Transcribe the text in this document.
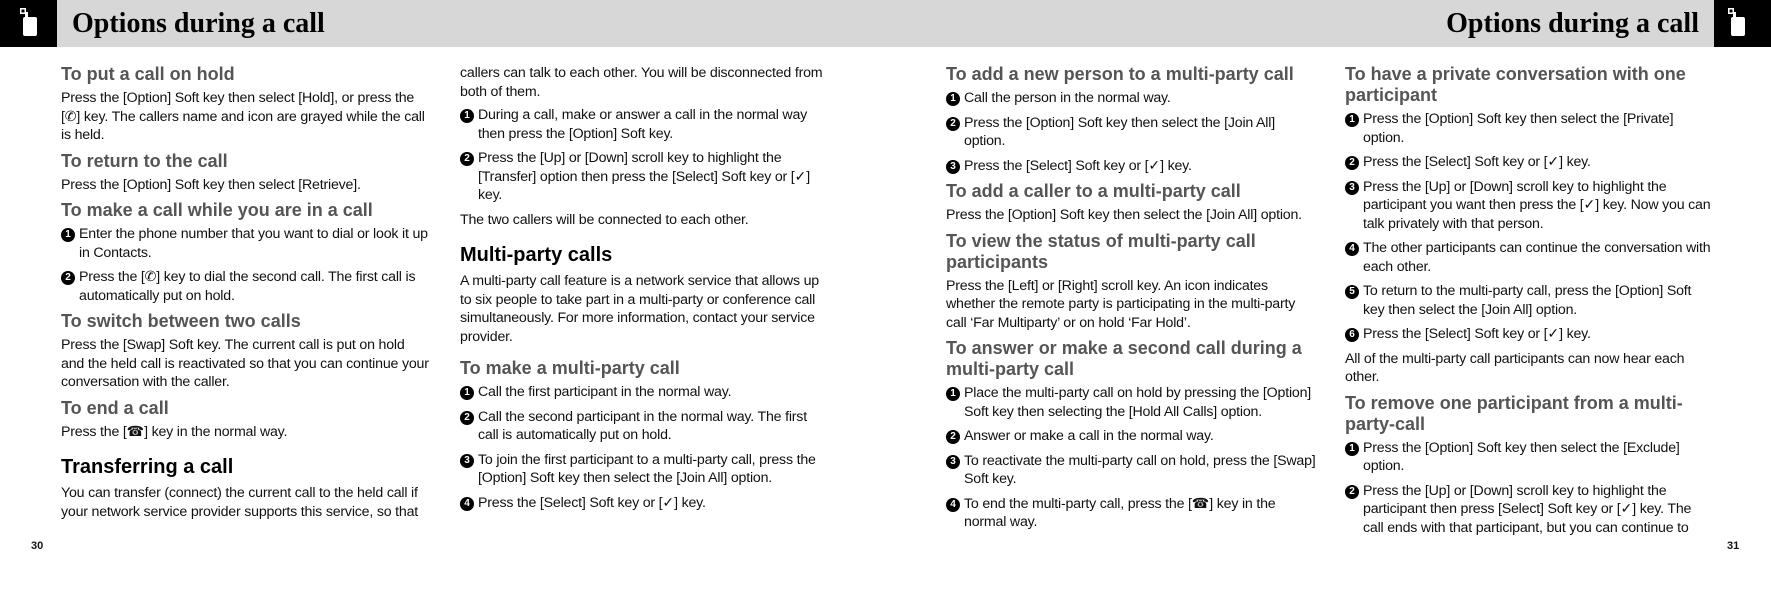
Options during a call	Options during a call
To put a call on hold

Press the [Option] Soft key then select [Hold], or press the [✆] key. The callers name and icon are grayed while the call is held.

To return to the call

Press the [Option] Soft key then select [Retrieve].

To make a call while you are in a call
1 Enter the phone number that you want to dial or look it up in Contacts.
2 Press the [✆] key to dial the second call. The first call is automatically put on hold.
To switch between two calls

Press the [Swap] Soft key. The current call is put on hold and the held call is reactivated so that you can continue your conversation with the caller.

To end a call

Press the [☎] key in the normal way.

Transferring a call

You can transfer (connect) the current call to the held call if your network service provider supports this service, so that

callers can talk to each other. You will be disconnected from both of them.

1 During a call, make or answer a call in the normal way then press the [Option] Soft key.
2 Press the [Up] or [Down] scroll key to highlight the [Transfer] option then press the [Select] Soft key or [✓] key.

The two callers will be connected to each other.

Multi-party calls

A multi-party call feature is a network service that allows up to six people to take part in a multi-party or conference call simultaneously. For more information, contact your service provider.

To make a multi-party call
1 Call the first participant in the normal way.
2 Call the second participant in the normal way. The first call is automatically put on hold.
3 To join the first participant to a multi-party call, press the [Option] Soft key then select the [Join All] option.
4 Press the [Select] Soft key or [✓] key.
To add a new person to a multi-party call
1 Call the person in the normal way.
2 Press the [Option] Soft key then select the [Join All] option.
3 Press the [Select] Soft key or [✓] key.
To add a caller to a multi-party call

Press the [Option] Soft key then select the [Join All] option.

To view the status of multi-party call participants

Press the [Left] or [Right] scroll key. An icon indicates whether the remote party is participating in the multi-party call ‘Far Multiparty’ or on hold ‘Far Hold’.

To answer or make a second call during a multi-party call
1 Place the multi-party call on hold by pressing the [Option] Soft key then selecting the [Hold All Calls] option.
2 Answer or make a call in the normal way.
3 To reactivate the multi-party call on hold, press the [Swap] Soft key.
4 To end the multi-party call, press the [☎] key in the normal way.
To have a private conversation with one participant
1 Press the [Option] Soft key then select the [Private] option.
2 Press the [Select] Soft key or [✓] key.
3 Press the [Up] or [Down] scroll key to highlight the participant you want then press the [✓] key. Now you can talk privately with that person.
4 The other participants can continue the conversation with each other.
5 To return to the multi-party call, press the [Option] Soft key then select the [Join All] option.
6 Press the [Select] Soft key or [✓] key.

All of the multi-party call participants can now hear each other.

To remove one participant from a multi-party-call
1 Press the [Option] Soft key then select the [Exclude] option.
2 Press the [Up] or [Down] scroll key to highlight the participant then press [Select] Soft key or [✓] key. The call ends with that participant, but you can continue to
30	31
